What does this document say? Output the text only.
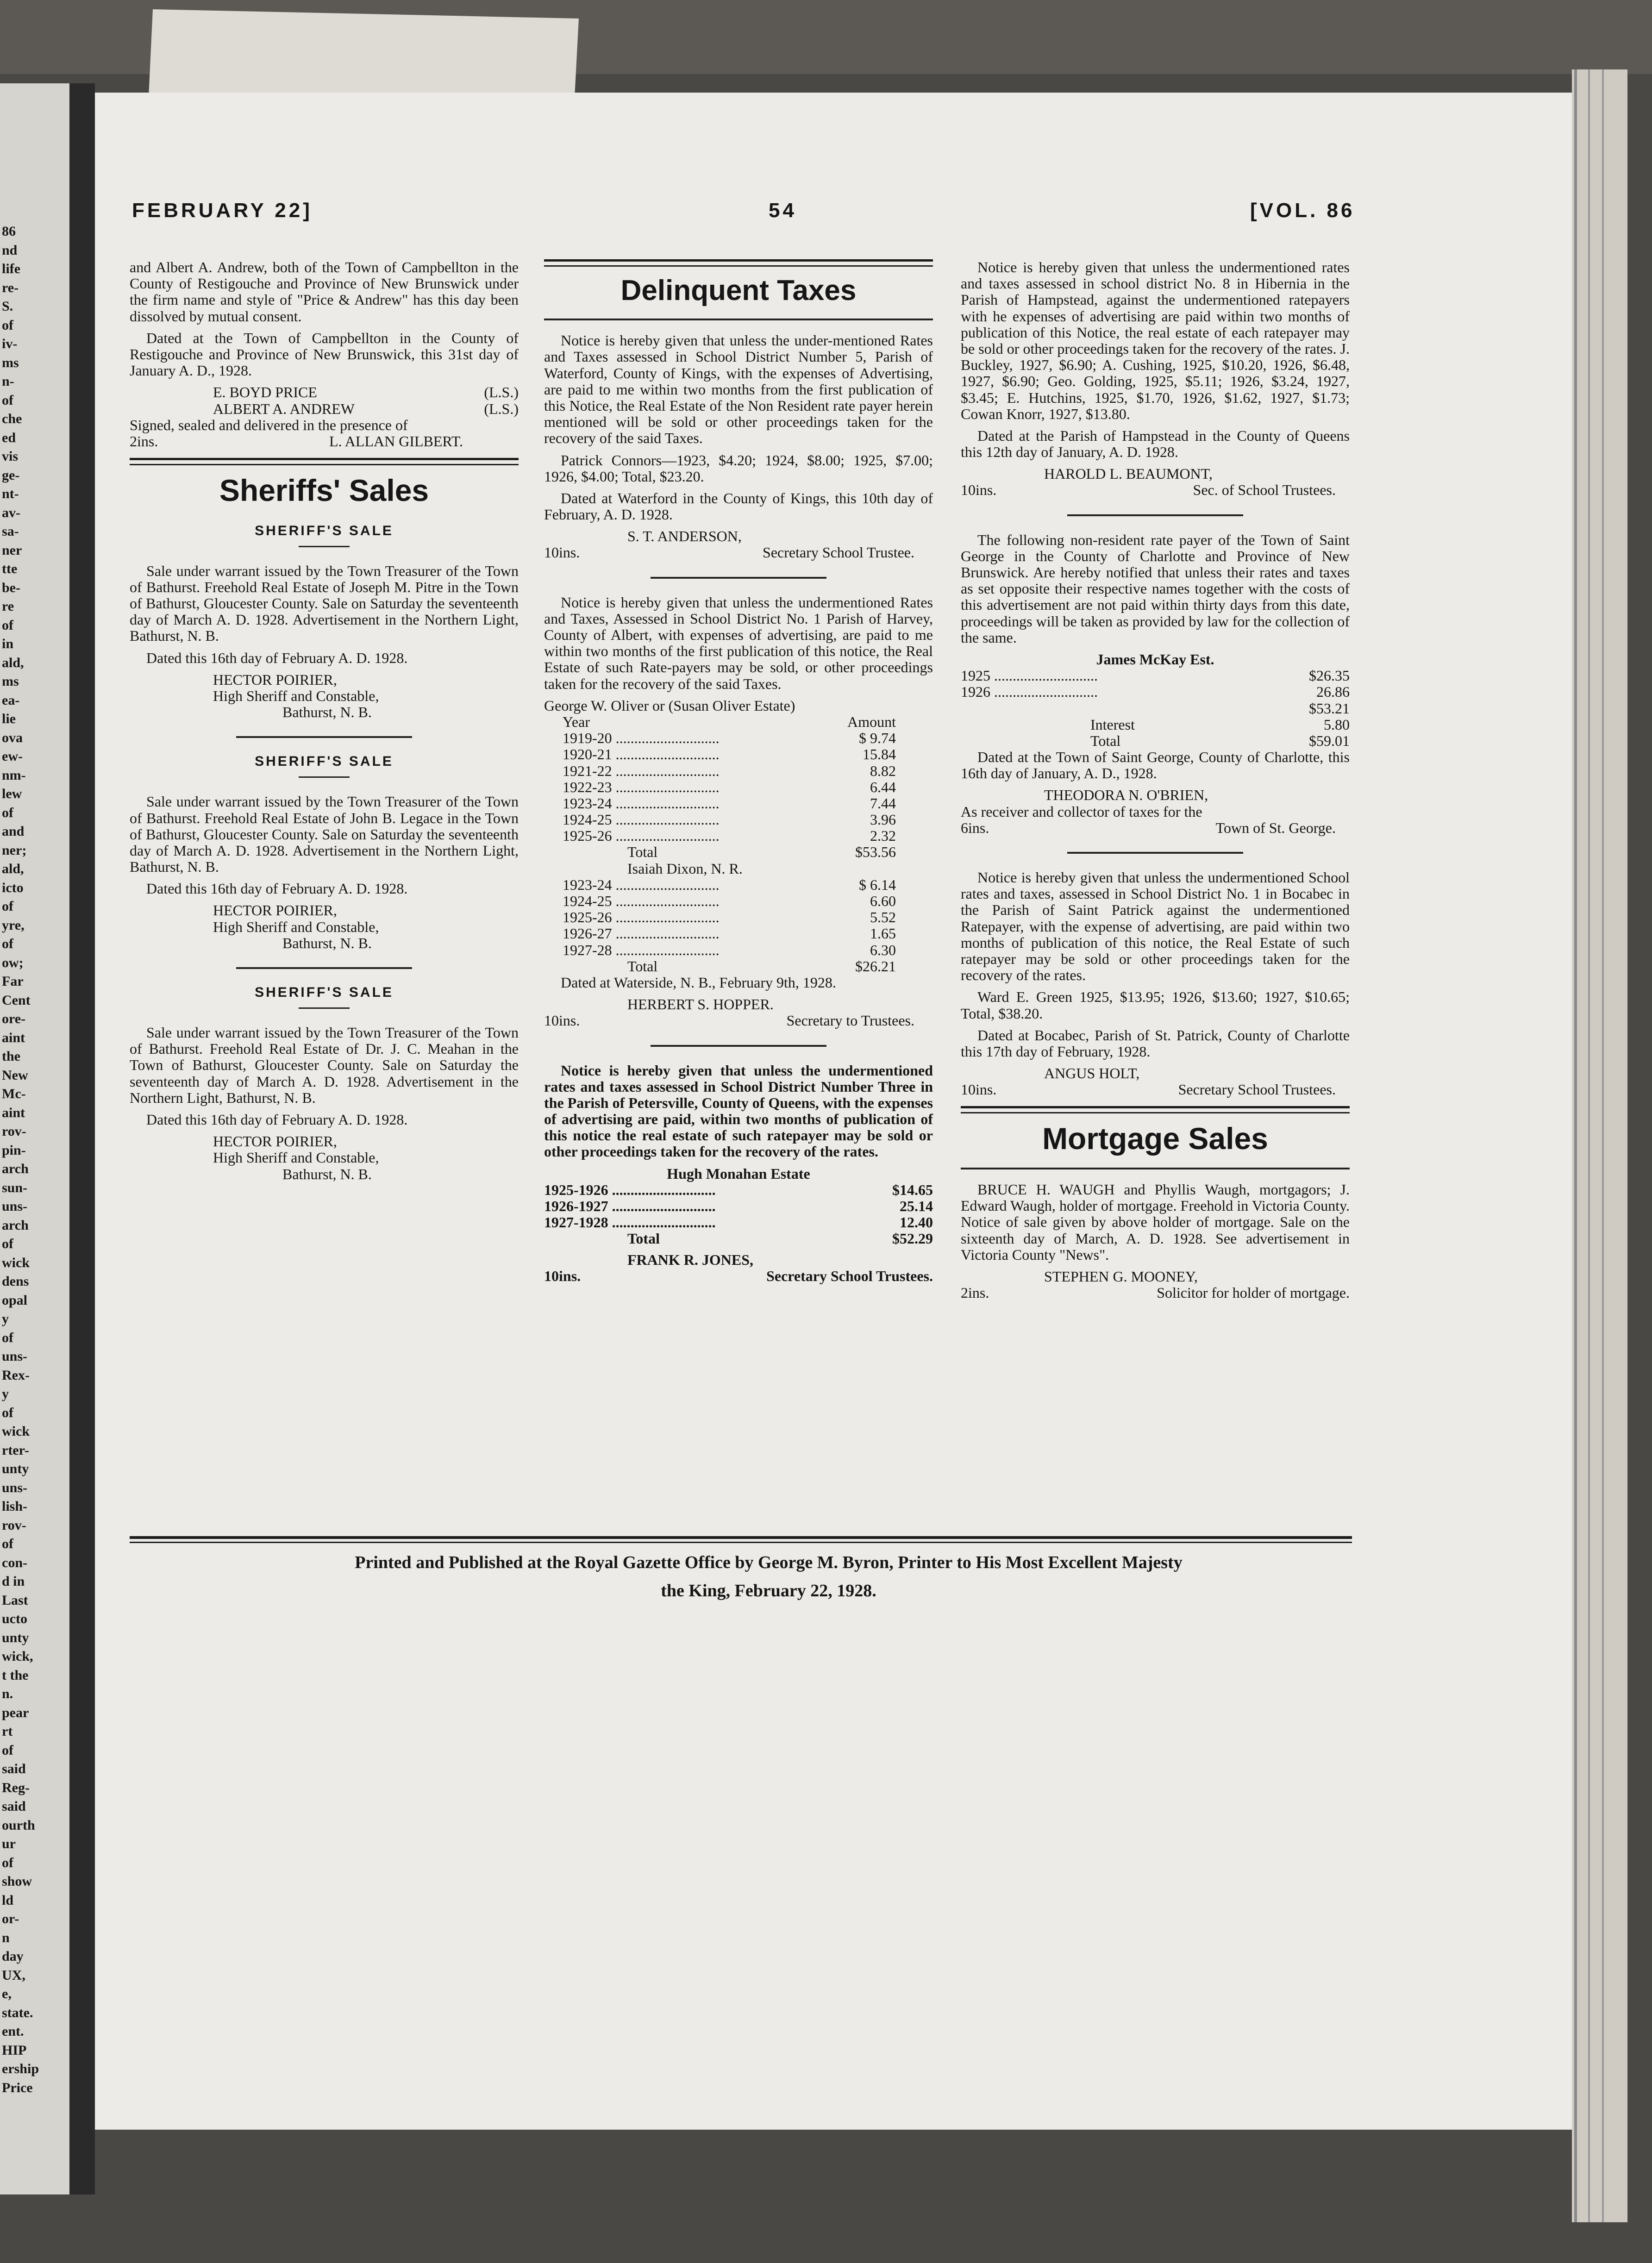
86
nd
life
re-
S.
of
iv-
ms
n-
of
che
ed
vis
ge-
nt-
av-
sa-
ner
tte
be-
re
of
in
ald,
ms
ea-
lie
ova
ew-
nm-
lew
of
and
ner;
ald,
icto
of
yre,
of
ow;
Far
Cent
ore-
aint
the
New
Mc-
aint
rov-
pin-
arch
sun-
uns-
arch
of
wick
dens
opal
y
of
uns-
Rex-
y
of
wick
rter-
unty
uns-
lish-
rov-
of
con-
d in
Last
ucto
unty
wick,
t the
n.
pear
rt
of
said
Reg-
said
ourth
ur
of
show
ld
or-
n
day
UX,
e,
state.
ent.
HIP
ership
Price
FEBRUARY 22]	54	[VOL. 86

and Albert A. Andrew, both of the Town of Campbellton in the County of Restigouche and Province of New Brunswick under the firm name and style of "Price & Andrew" has this day been dissolved by mutual consent.

Dated at the Town of Campbellton in the County of Restigouche and Province of New Brunswick, this 31st day of January A. D., 1928.

E. BOYD PRICE	(L.S.)
ALBERT A. ANDREW	(L.S.)

Signed, sealed and delivered in the presence of

2ins.	L. ALLAN GILBERT.
Sheriffs' Sales
SHERIFF'S SALE

Sale under warrant issued by the Town Treasurer of the Town of Bathurst. Freehold Real Estate of Joseph M. Pitre in the Town of Bathurst, Gloucester County. Sale on Saturday the seventeenth day of March A. D. 1928. Advertisement in the Northern Light, Bathurst, N. B.

Dated this 16th day of February A. D. 1928.

HECTOR POIRIER,
High Sheriff and Constable,
Bathurst, N. B.
SHERIFF'S SALE

Sale under warrant issued by the Town Treasurer of the Town of Bathurst. Freehold Real Estate of John B. Legace in the Town of Bathurst, Gloucester County. Sale on Saturday the seventeenth day of March A. D. 1928. Advertisement in the Northern Light, Bathurst, N. B.

Dated this 16th day of February A. D. 1928.

HECTOR POIRIER,
High Sheriff and Constable,
Bathurst, N. B.
SHERIFF'S SALE

Sale under warrant issued by the Town Treasurer of the Town of Bathurst. Freehold Real Estate of Dr. J. C. Meahan in the Town of Bathurst, Gloucester County. Sale on Saturday the seventeenth day of March A. D. 1928. Advertisement in the Northern Light, Bathurst, N. B.

Dated this 16th day of February A. D. 1928.

HECTOR POIRIER,
High Sheriff and Constable,
Bathurst, N. B.
Delinquent Taxes

Notice is hereby given that unless the under-mentioned Rates and Taxes assessed in School District Number 5, Parish of Waterford, County of Kings, with the expenses of Advertising, are paid to me within two months from the first publication of this Notice, the Real Estate of the Non Resident rate payer herein mentioned will be sold or other proceedings taken for the recovery of the said Taxes.

Patrick Connors—1923, $4.20; 1924, $8.00; 1925, $7.00; 1926, $4.00; Total, $23.20.

Dated at Waterford in the County of Kings, this 10th day of February, A. D. 1928.

S. T. ANDERSON,
10ins.	Secretary School Trustee.

Notice is hereby given that unless the undermentioned Rates and Taxes, Assessed in School District No. 1 Parish of Harvey, County of Albert, with expenses of advertising, are paid to me within two months of the first publication of this notice, the Real Estate of such Rate-payers may be sold, or other proceedings taken for the recovery of the said Taxes.

George W. Oliver or (Susan Oliver Estate)
Year	Amount
1919-20 ............................	$ 9.74
1920-21 ............................	15.84
1921-22 ............................	8.82
1922-23 ............................	6.44
1923-24 ............................	7.44
1924-25 ............................	3.96
1925-26 ............................	2.32
Total	$53.56
Isaiah Dixon, N. R.
1923-24 ............................	$ 6.14
1924-25 ............................	6.60
1925-26 ............................	5.52
1926-27 ............................	1.65
1927-28 ............................	6.30
Total	$26.21

Dated at Waterside, N. B., February 9th, 1928.

HERBERT S. HOPPER.
10ins.	Secretary to Trustees.

Notice is hereby given that unless the undermentioned rates and taxes assessed in School District Number Three in the Parish of Petersville, County of Queens, with the expenses of advertising are paid, within two months of publication of this notice the real estate of such ratepayer may be sold or other proceedings taken for the recovery of the rates.

Hugh Monahan Estate
1925-1926 ............................	$14.65
1926-1927 ............................	25.14
1927-1928 ............................	12.40
Total	$52.29
FRANK R. JONES,
10ins.	Secretary School Trustees.

Notice is hereby given that unless the undermentioned rates and taxes assessed in school district No. 8 in Hibernia in the Parish of Hampstead, against the undermentioned ratepayers with he expenses of advertising are paid within two months of publication of this Notice, the real estate of each ratepayer may be sold or other proceedings taken for the recovery of the rates. J. Buckley, 1927, $6.90; A. Cushing, 1925, $10.20, 1926, $6.48, 1927, $6.90; Geo. Golding, 1925, $5.11; 1926, $3.24, 1927, $3.45; E. Hutchins, 1925, $1.70, 1926, $1.62, 1927, $1.73; Cowan Knorr, 1927, $13.80.

Dated at the Parish of Hampstead in the County of Queens this 12th day of January, A. D. 1928.

HAROLD L. BEAUMONT,
10ins.	Sec. of School Trustees.

The following non-resident rate payer of the Town of Saint George in the County of Charlotte and Province of New Brunswick. Are hereby notified that unless their rates and taxes as set opposite their respective names together with the costs of this advertisement are not paid within thirty days from this date, proceedings will be taken as provided by law for the collection of the same.

James McKay Est.
1925 ............................	$26.35
1926 ............................	26.86
$53.21
Interest	5.80
Total	$59.01

Dated at the Town of Saint George, County of Charlotte, this 16th day of January, A. D., 1928.

THEODORA N. O'BRIEN,
As receiver and collector of taxes for the
6ins.	Town of St. George.

Notice is hereby given that unless the undermentioned School rates and taxes, assessed in School District No. 1 in Bocabec in the Parish of Saint Patrick against the undermentioned Ratepayer, with the expense of advertising, are paid within two months of publication of this notice, the Real Estate of such ratepayer may be sold or other proceedings taken for the recovery of the rates.

Ward E. Green 1925, $13.95; 1926, $13.60; 1927, $10.65; Total, $38.20.

Dated at Bocabec, Parish of St. Patrick, County of Charlotte this 17th day of February, 1928.

ANGUS HOLT,
10ins.	Secretary School Trustees.
Mortgage Sales

BRUCE H. WAUGH and Phyllis Waugh, mortgagors; J. Edward Waugh, holder of mortgage. Freehold in Victoria County. Notice of sale given by above holder of mortgage. Sale on the sixteenth day of March, A. D. 1928. See advertisement in Victoria County "News".

STEPHEN G. MOONEY,
2ins.	Solicitor for holder of mortgage.
Printed and Published at the Royal Gazette Office by George M. Byron, Printer to His Most Excellent Majesty
the King, February 22, 1928.
